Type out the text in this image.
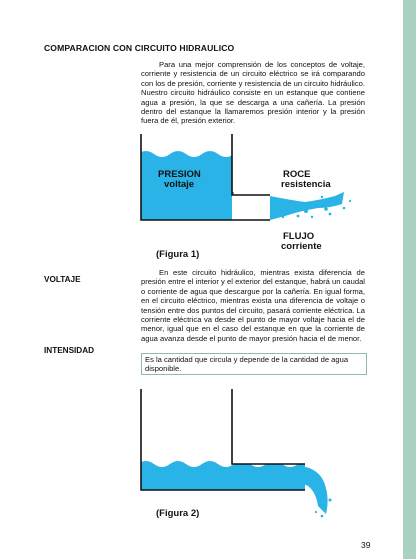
COMPARACION CON CIRCUITO HIDRAULICO

Para una mejor comprensión de los conceptos de voltaje, corriente y resistencia de un circuito eléctrico se irá comparando con los de presión, corriente y resistencia de un circuito hidráulico. Nuestro circuito hidráulico consiste en un estanque que contiene agua a presión, la que se descarga a una cañería. La presión dentro del estanque la llamaremos presión interior y la presión fuera de él, presión exterior.

PRESION
voltaje
ROCE
resistencia
FLUJO
corriente
(Figura 1)
VOLTAJE

En este circuito hidráulico, mientras exista diferencia de presión entre el interior y el exterior del estanque, habrá un caudal o corriente de agua que descargue por la cañería. En igual forma, en el circuito eléctrico, mientras exista una diferencia de voltaje o tensión entre dos puntos del circuito, pasará corriente eléctrica. La corriente eléctrica va desde el punto de mayor voltaje hacia el de menor, igual que en el caso del estanque en que la corriente de agua avanza desde el punto de mayor presión hacia el de menor.

INTENSIDAD
Es la cantidad que circula y depende de la cantidad de agua disponible.
(Figura 2)
39
